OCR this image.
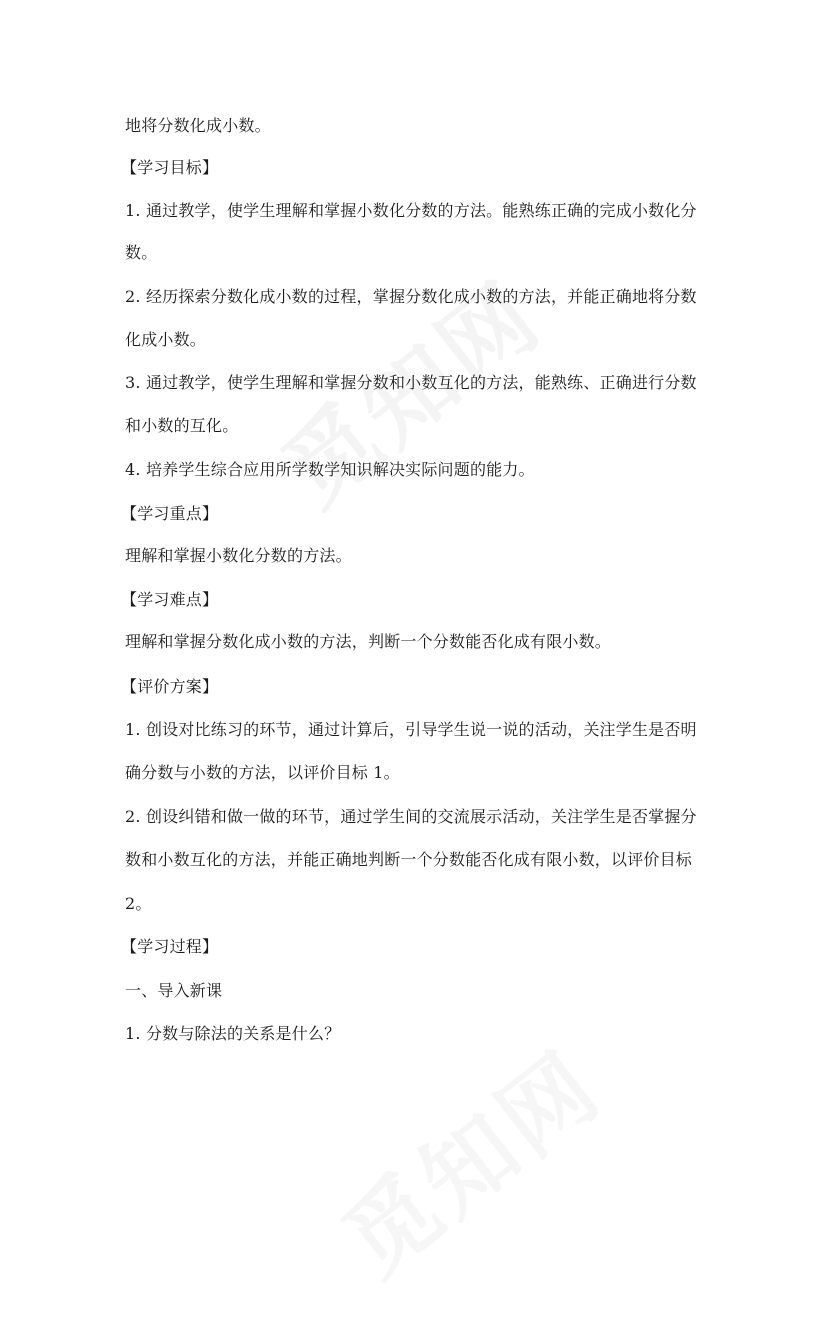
地将分数化成小数。
【学习目标】
1. 通过教学，使学生理解和掌握小数化分数的方法。能熟练正确的完成小数化分
数。
2. 经历探索分数化成小数的过程，掌握分数化成小数的方法，并能正确地将分数
化成小数。
3. 通过教学，使学生理解和掌握分数和小数互化的方法，能熟练、正确进行分数
和小数的互化。
4. 培养学生综合应用所学数学知识解决实际问题的能力。
【学习重点】
理解和掌握小数化分数的方法。
【学习难点】
理解和掌握分数化成小数的方法，判断一个分数能否化成有限小数。
【评价方案】
1. 创设对比练习的环节，通过计算后，引导学生说一说的活动，关注学生是否明
确分数与小数的方法，以评价目标 1。
2. 创设纠错和做一做的环节，通过学生间的交流展示活动，关注学生是否掌握分
数和小数互化的方法，并能正确地判断一个分数能否化成有限小数，以评价目标
2。
【学习过程】
一、导入新课
1. 分数与除法的关系是什么？
